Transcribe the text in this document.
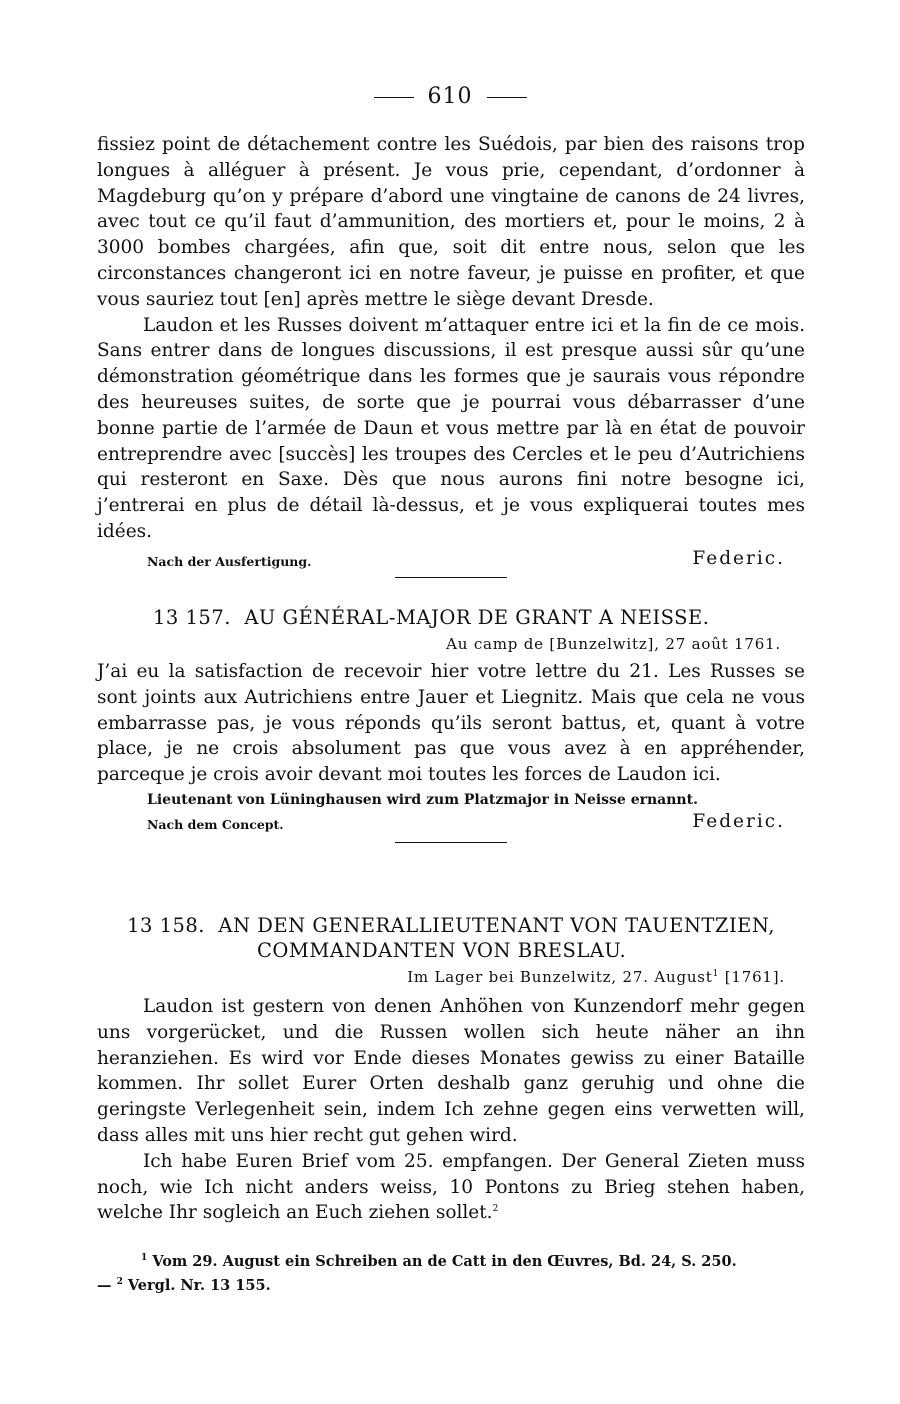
610

fissiez point de détachement contre les Suédois, par bien des raisons trop longues à alléguer à présent. Je vous prie, cependant, d’ordonner à Magdeburg qu’on y prépare d’abord une vingtaine de canons de 24 livres, avec tout ce qu’il faut d’ammunition, des mortiers et, pour le moins, 2 à 3000 bombes chargées, afin que, soit dit entre nous, selon que les circonstances changeront ici en notre faveur, je puisse en profiter, et que vous sauriez tout [en] après mettre le siège devant Dresde.

Laudon et les Russes doivent m’attaquer entre ici et la fin de ce mois. Sans entrer dans de longues discussions, il est presque aussi sûr qu’une démonstration géométrique dans les formes que je saurais vous répondre des heureuses suites, de sorte que je pourrai vous débarrasser d’une bonne partie de l’armée de Daun et vous mettre par là en état de pouvoir entreprendre avec [succès] les troupes des Cercles et le peu d’Autrichiens qui resteront en Saxe. Dès que nous aurons fini notre besogne ici, j’entrerai en plus de détail là-dessus, et je vous expliquerai toutes mes idées.

Nach der Ausfertigung.	Federic.
13 157. AU GÉNÉRAL-MAJOR DE GRANT A NEISSE.
Au camp de [Bunzelwitz], 27 août 1761.

J’ai eu la satisfaction de recevoir hier votre lettre du 21. Les Russes se sont joints aux Autrichiens entre Jauer et Liegnitz. Mais que cela ne vous embarrasse pas, je vous réponds qu’ils seront battus, et, quant à votre place, je ne crois absolument pas que vous avez à en appréhender, parceque je crois avoir devant moi toutes les forces de Laudon ici.

Lieutenant von Lüninghausen wird zum Platzmajor in Neisse ernannt.

Nach dem Concept.	Federic.
13 158. AN DEN GENERALLIEUTENANT VON TAUENTZIEN,
COMMANDANTEN VON BRESLAU.
Im Lager bei Bunzelwitz, 27. August$^1$ [1761].

Laudon ist gestern von denen Anhöhen von Kunzendorf mehr gegen uns vorgerücket, und die Russen wollen sich heute näher an ihn heranziehen. Es wird vor Ende dieses Monates gewiss zu einer Bataille kommen. Ihr sollet Eurer Orten deshalb ganz geruhig und ohne die geringste Verlegenheit sein, indem Ich zehne gegen eins verwetten will, dass alles mit uns hier recht gut gehen wird.

Ich habe Euren Brief vom 25. empfangen. Der General Zieten muss noch, wie Ich nicht anders weiss, 10 Pontons zu Brieg stehen haben, welche Ihr sogleich an Euch ziehen sollet.$^2$

$^1$ Vom 29. August ein Schreiben an de Catt in den Œuvres, Bd. 24, S. 250.

— $^2$ Vergl. Nr. 13 155.
